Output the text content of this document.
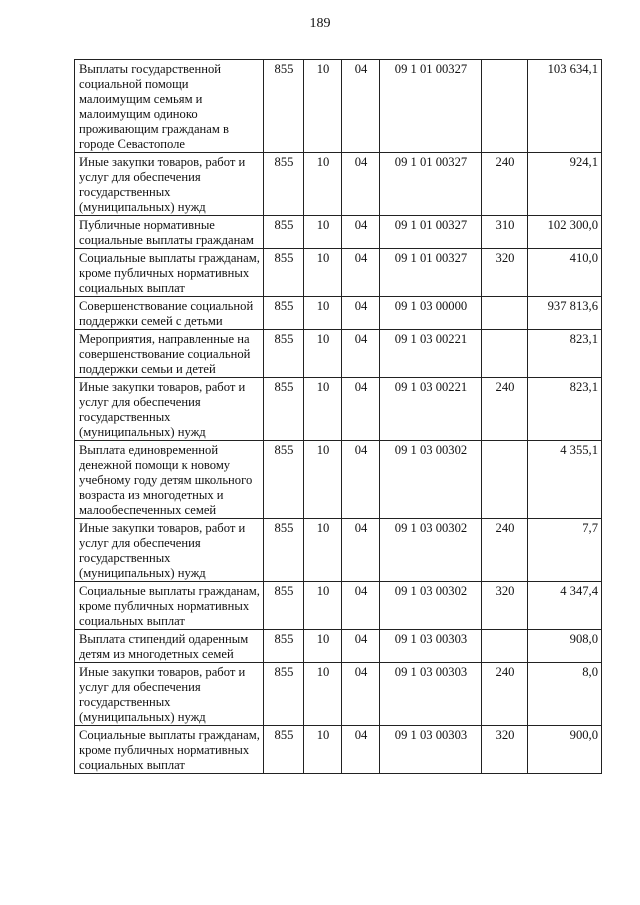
189
Выплаты государственной социальной помощи малоимущим семьям и малоимущим одиноко проживающим гражданам в городе Севастополе	855	10	04	09 1 01 00327		103 634,1
Иные закупки товаров, работ и услуг для обеспечения государственных (муниципальных) нужд	855	10	04	09 1 01 00327	240	924,1
Публичные нормативные социальные выплаты гражданам	855	10	04	09 1 01 00327	310	102 300,0
Социальные выплаты гражданам, кроме публичных нормативных социальных выплат	855	10	04	09 1 01 00327	320	410,0
Совершенствование социальной поддержки семей с детьми	855	10	04	09 1 03 00000		937 813,6
Мероприятия, направленные на совершенствование социальной поддержки семьи и детей	855	10	04	09 1 03 00221		823,1
Иные закупки товаров, работ и услуг для обеспечения государственных (муниципальных) нужд	855	10	04	09 1 03 00221	240	823,1
Выплата единовременной денежной помощи к новому учебному году детям школьного возраста из многодетных и малообеспеченных семей	855	10	04	09 1 03 00302		4 355,1
Иные закупки товаров, работ и услуг для обеспечения государственных (муниципальных) нужд	855	10	04	09 1 03 00302	240	7,7
Социальные выплаты гражданам, кроме публичных нормативных социальных выплат	855	10	04	09 1 03 00302	320	4 347,4
Выплата стипендий одаренным детям из многодетных семей	855	10	04	09 1 03 00303		908,0
Иные закупки товаров, работ и услуг для обеспечения государственных (муниципальных) нужд	855	10	04	09 1 03 00303	240	8,0
Социальные выплаты гражданам, кроме публичных нормативных социальных выплат	855	10	04	09 1 03 00303	320	900,0
